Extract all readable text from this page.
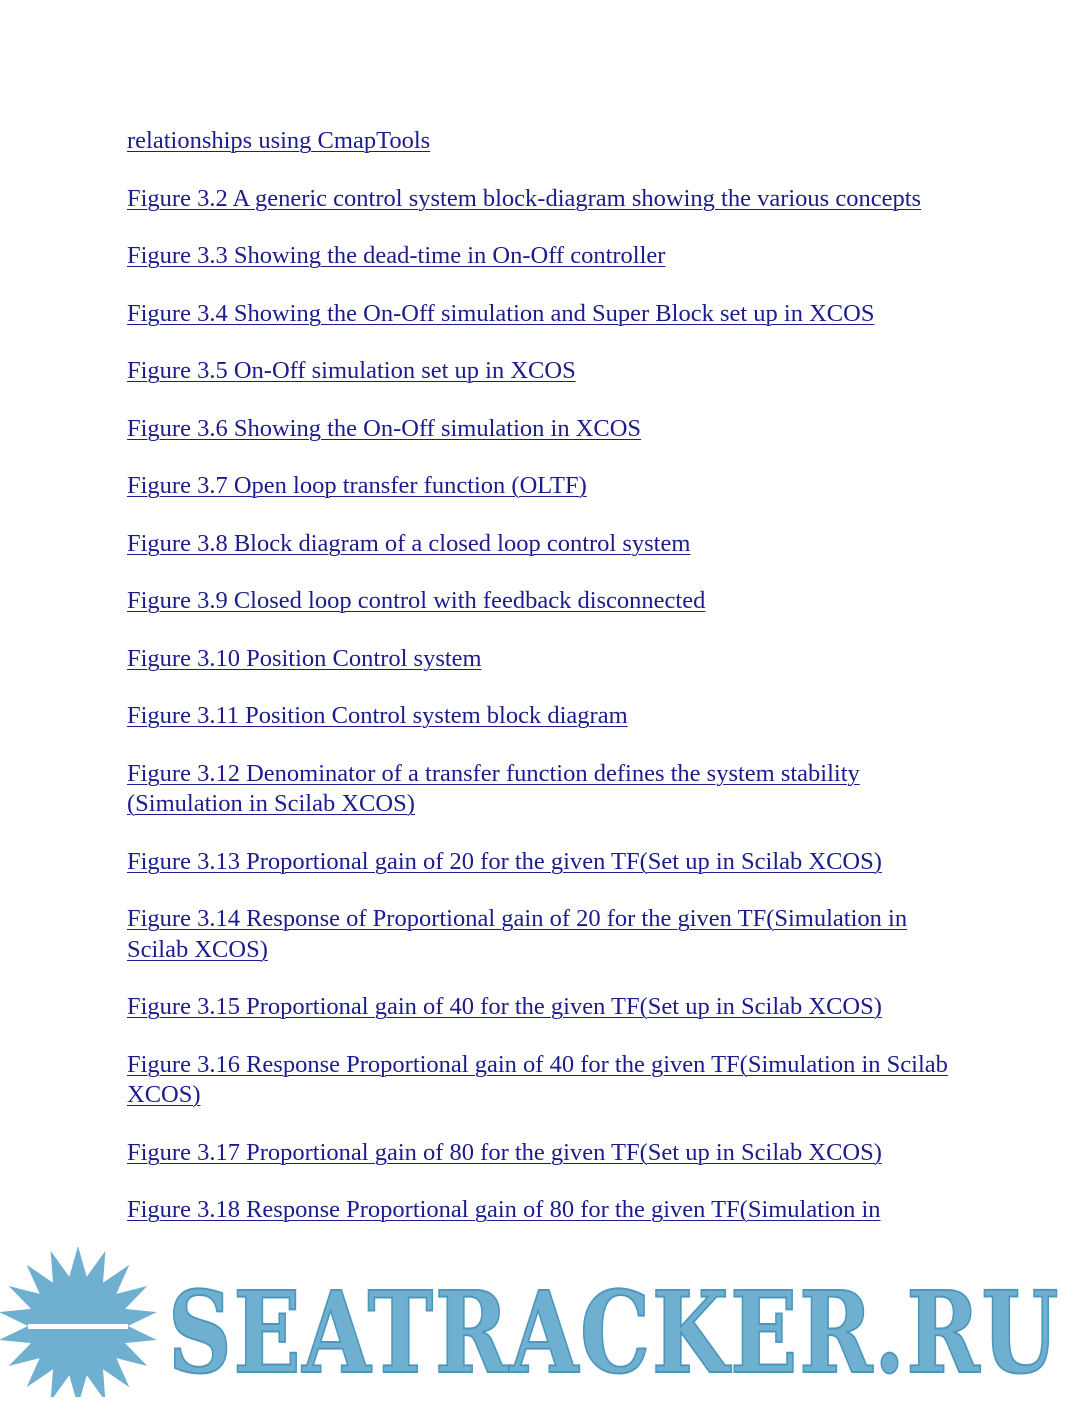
relationships using CmapTools
Figure 3.2 A generic control system block-diagram showing the various concepts
Figure 3.3 Showing the dead-time in On-Off controller
Figure 3.4 Showing the On-Off simulation and Super Block set up in XCOS
Figure 3.5 On-Off simulation set up in XCOS
Figure 3.6 Showing the On-Off simulation in XCOS
Figure 3.7 Open loop transfer function (OLTF)
Figure 3.8 Block diagram of a closed loop control system
Figure 3.9 Closed loop control with feedback disconnected
Figure 3.10 Position Control system
Figure 3.11 Position Control system block diagram
Figure 3.12 Denominator of a transfer function defines the system stability (Simulation in Scilab XCOS)
Figure 3.13 Proportional gain of 20 for the given TF(Set up in Scilab XCOS)
Figure 3.14 Response of Proportional gain of 20 for the given TF(Simulation in Scilab XCOS)
Figure 3.15 Proportional gain of 40 for the given TF(Set up in Scilab XCOS)
Figure 3.16 Response Proportional gain of 40 for the given TF(Simulation in Scilab XCOS)
Figure 3.17 Proportional gain of 80 for the given TF(Set up in Scilab XCOS)
Figure 3.18 Response Proportional gain of 80 for the given TF(Simulation in
SEATRACKER.RU
